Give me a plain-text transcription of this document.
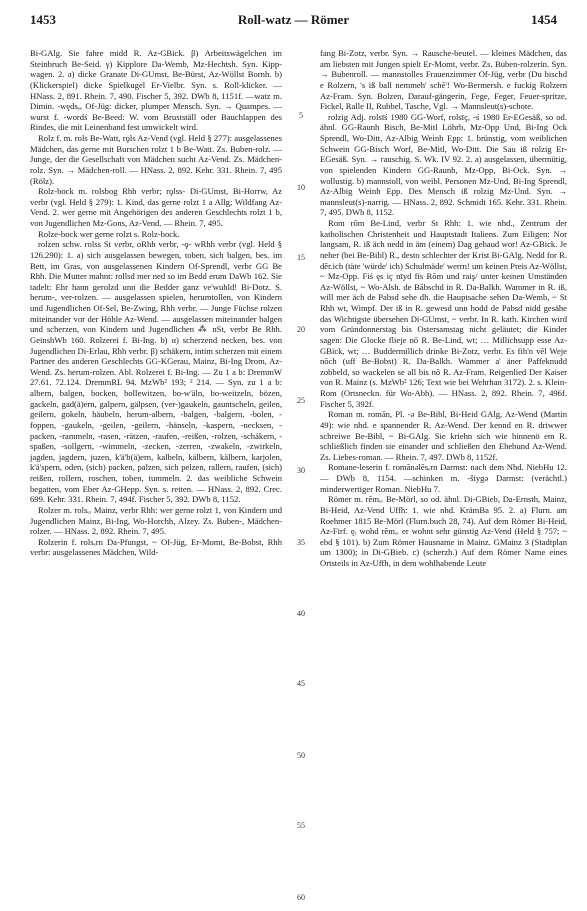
1453	Roll-watz — Römer	1454

Bi-GAlg. Sie fahre midd R. Az-GBick. β) Arbeitswägelchen im Steinbruch Be-Seid. γ) Kipplore Da-Wemb, Mz-Hechtsh. Syn. Kipp-wagen. 2. a) dicke Granate Di-GUmst, Be-Bürst, Az-Wöllst Bornh. b) (Klickerspiel) dicke Spielkugel Er-Vielbr. Syn. s. Roll-klicker. — HNass. 2, 891. Rhein. 7, 490. Fischer 5, 392. DWb 8, 1151f. —watz m. Dimin. -wędsₑₑ Of-Jüg: dicker, plumper Mensch. Syn. → Quampes. —wurst f. -wordś Be-Beed: W. vom Brustställ oder Bauchlappen des Rindes, die mit Leinenband fest umwickelt wird.

Rolz f. m. rols Be-Watt, rǫls Az-Vend (vgl. Held § 277): ausgelassenes Mädchen, das gerne mit Burschen rolzt 1 b Be-Watt. Zs. Buben-rolz. — Junge, der die Gesellschaft von Mädchen sucht Az-Vend. Zs. Mädchen-rolz. Syn. → Mädchen-roll. — HNass. 2, 892. Kehr. 331. Rhein. 7, 495 (Rölz).

Rolz-bock m. rolsbog Rhh verbr; rǫlss- Di-GUmst, Bi-Horrw, Az verbr (vgl. Held § 279): 1. Kind, das gerne rolzt 1 a Allg; Wildfang Az-Vend. 2. wer gerne mit Angehörigen des anderen Geschlechts rolzt 1 b, von Jugendlichen Mz-Gons, Az-Vend. — Rhein. 7, 495.

Rolze-bock wer gerne rolzt s. Rolz-bock.

rolzen schw. rolss St verbr, oRhh verbr, -ǫ- wRhh verbr (vgl. Held § 126.290): 1. a) sich ausgelassen bewegen, toben, sich balgen, bes. im Bett, im Gras, von ausgelassenen Kindern Of-Sprendl, verbr GG Be Rhh. Die Mutter mahnt: rollsd mer ned so im Bedd erum DaWb 162. Sie tadelt: Ehr hann gerolzd unn die Bedder ganz ve'wuhld! Bi-Dotz. S. herum-, ver-rolzen. — ausgelassen spielen, herumtollen, von Kindern und Jugendlichen Of-Sel, Be-Zwing, Rhh verbr. — Junge Füchse rolzen miteinander vor der Höhle Az-Wend. — ausgelassen miteinander balgen und scherzen, von Kindern und Jugendlichen ⁂ nSt, verbr Be Rhh. GeinshWb 160. Rolzerei f. Bi-Ing. b) α) scherzend necken, bes. von Jugendlichen Di-Erlau, Rhh verbr. β) schäkern, intim scherzen mit einem Partner des anderen Geschlechts GG-KGerau, Mainz, Bi-Ing Drom, Az-Wend. Zs. herum-rolzen. Abl. Rolzerei f. Bi-Ing. — Zu 1 a b: DremmW 27.61. 72.124. DremmRL 94. MzWb² 193; ² 214. — Syn. zu 1 a b: albern, balgen, bocken, bollewitzen, bo-w'äln, bo-weitzeln, bözen, gackeln, gad(ä)ern, galpern, gälpsen, (ver-)gaukeln, gauntscheln, geilen, geilern, gokeln, häubeln, herum-albern, -balgen, -balgern, -bolen, -foppen, -gaukeln, -geilen, -geilern, -hänseln, -kaspern, -necksen, -packen, -rammeln, -rasen, -rätzen, -raufen, -reißen, -rolzen, -schäkern, -spaßen, -sollgern, -wimmeln, -zecken, -zerren, -zwakeln, -zwirkeln, jagden, jagdern, juzen, k'ä'b(ä)ern, kalbeln, kälbern, kälbern, karjolen, k'ä'spern, oden, (sich) packen, palzen, sich pelzen, rallern, raufen, (sich) reißen, rollern, roschen, toben, tummeln. 2. das weibliche Schwein begatten, vom Eber Az-GHepp. Syn. s. reiten. — HNass. 2, 892. Crec. 699. Kehr. 331. Rhein. 7, 494f. Fischer 5, 392. DWb 8, 1152.

Rolzer m. rolsₑᵣ Mainz, verbr Rhh: wer gerne rolzt 1, von Kindern und Jugendlichen Mainz, Bi-Ing, Wo-Horchh, Alzey. Zs. Buben-, Mädchen-rolzer. — HNass. 2, 892. Rhein. 7, 495.

Rolzerin f. rolsₑrn Da-Pfungst, ~ Of-Jüg, Er-Momt, Be-Bobst, Rhh verbr: ausgelassenes Mädchen, Wild-

5
10
15
20
25
30
35
40
45
50
55
60

fang Bi-Zotz, verbr. Syn. → Rausche-beutel. — kleines Mädchen, das am liebsten mit Jungen spielt Er-Momt, verbr. Zs. Buben-rolzerin. Syn. → Bubenroll. — mannstolles Frauenzimmer Of-Jüg, verbr (Du bischd e Rolzern, 's iß ball nemmeh' schē'! Wo-Bermersh. e fuckig Rolzern Az-Fram. Syn. Bolzen, Darauf-gängerin, Fege, Feger, Feuer-spritze, Fickel, Ralle II, Rubbel, Tasche, Vgl. → Mannsleut(s)-schote.

rolzig Adj. rolsīś 1980 GG-Worf, rolsīç, -ś 1980 Er-EGesäß, so od. ähnl. GG-Raunh Bisch, Be-Mitl Löhrb, Mz-Opp Und, Bi-Ing Ock Sprendl, Wo-Ditt, Az-Albig Weinh Epp: 1. brünstig, vom weiblichen Schwein GG-Bisch Worf, Be-Mitl, Wo-Ditt. Die Sau iß rolzig Er-EGesäß. Syn. → rauschig. S. Wk. IV 92. 2. a) ausgelassen, übermütig, von spielenden Kindern GG-Raunh, Mz-Opp, Bi-Ock. Syn. → wollustig. b) mannstoll, von weibl. Personen Mz-Und, Bi-Ing Sprendl, Az-Albig Weinh Epp. Des Mensch iß rolzig Mz-Und. Syn. → mannsleut(s)-narrig. — HNass. 2, 892. Schmidt 165. Kehr. 331. Rhein. 7, 495. DWb 8, 1152.

Rom rōm Be-Lind, verbr St Rhh: 1. wie nhd., Zentrum der katholischen Christenheit und Hauptstadt Italiens. Zum Eiligen: Nor langsam, R. iß äch nedd in äm (einem) Dag gebaud wor! Az-GBick. Je neher (bei Be-Bibl) R., desto schlechter der Krist Bi-GAlg. Nedd for R. dēr.ich (täte 'würde' ich) Schulmäde' werrn! um keinen Preis Az-Wöllst, ~ Mz-Opp. Fiś ęs iç nīyd fis Rōm und raiş/ unter keinen Umständen Az-Wöllst, ~ Wo-Alsh. de Bābschd in R. Da-Balkh. Wammer in R. iß, will mer äch de Pabsd sehe dh. die Hauptsache sehen Da-Wemb, ~ St Rhh wt, Wimpf. Der iß in R. gewesd unn hodd de Pabsd nidd gesähe das Wichtigste übersehen Di-GUmst, ~ verbr. In R. kath. Kirchen wird vom Gründonnerstag bis Ostersamstag nicht geläutet; die Kinder sagen: Die Glocke flieje nō R. Be-Lind, wt; … Millichsupp esse Az-GBick, wt; … Buddermillich drinke Bi-Zotz, verbr. Es fih'n vēl Weje nōch (uff Be-Bobst) R. Da-Balkh. Wammer a' äner Paffeknudd zobbeld, so wackelen se all bis nō R. Az-Fram. Reigenlied Der Kaiser von R. Mainz (s. MzWb² 126; Text wie bei Wehrhan 3172). 2. s. Klein-Rom (Ortsneckn. für Wo-Abh). — HNass. 2, 892. Rhein. 7, 496f. Fischer 5, 392f.

Roman m. romān, Pl. -ə Be-Bibl, Bi-Heid GAlg, Az-Wend (Martin 49): wie nhd. e spannender R. Az-Wend. Der kennd en R. driwwer schreiwe Be-Bibl, ~ Bi-GAlg. Sie kriehn sich wie hinnenö em R. schließlich finden sie einander und schließen den Ehebund Az-Wend. Zs. Liebes-roman. — Rhein. 7, 497. DWb 8, 1152f.

Romane-leserin f. romānəlēsₑrn Darmst: nach dem Nhd. NiebHu 12. — DWb 8, 1154. —schinken m. -šiygə Darmst: (verächtl.) minderwertiger Roman. NiebHu 7.

Römer m. rēmₑᵣ Be-Mörl, so od. ähnl. Di-GBieb, Da-Ernsth, Mainz, Bi-Heid, Az-Vend Uffh: 1. wie nhd. KrämBa 95. 2. a) Flurn. am Roehmer 1815 Be-Mörl (Flurn.buch 28, 74). Auf dem Römer Bi-Heid, Az-Firf. ęᵣ wohd rēmₑᵣ er wohnt sehr günstig Az-Vend (Held § 757; ~ ebd § 101). b) Zum Römer Hausname in Mainz. GMainz 3 (Stadtplan um 1300); in Di-GBieb. c) (scherzh.) Auf dem Römer Name eines Ortsteils in Az-Uffh, in dem wohlhabende Leute
